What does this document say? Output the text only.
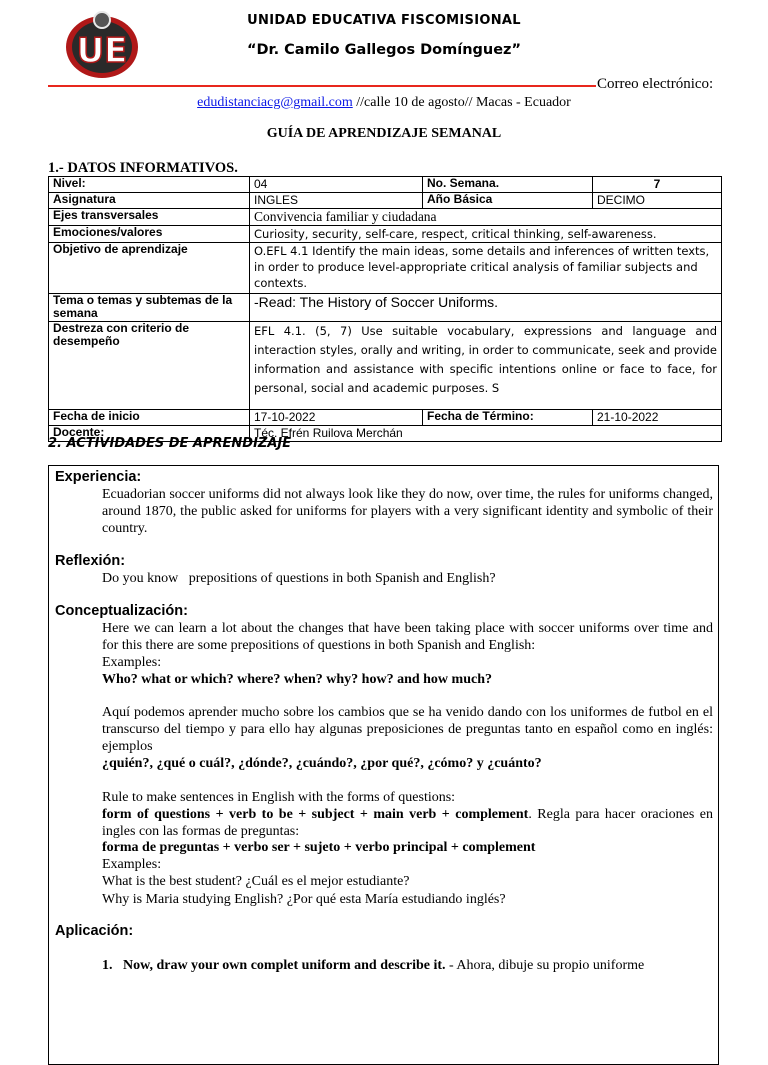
UE
UNIDAD EDUCATIVA FISCOMISIONAL
“Dr. Camilo Gallegos Domínguez”
Correo electrónico:
edudistanciacg@gmail.com //calle 10 de agosto// Macas - Ecuador
GUÍA DE APRENDIZAJE SEMANAL
1.- DATOS INFORMATIVOS.
Nivel:	04	No. Semana.	7
Asignatura	INGLES	Año Básica	DECIMO
Ejes transversales	Convivencia familiar y ciudadana		
Emociones/valores	Curiosity, security, self-care, respect, critical thinking, self-awareness.		
Objetivo de aprendizaje	O.EFL 4.1 Identify the main ideas, some details and inferences of written texts, in order to produce level-appropriate critical analysis of familiar subjects and contexts.		
Tema o temas y subtemas de la semana	-Read: The History of Soccer Uniforms.		
Destreza con criterio de desempeño	EFL 4.1. (5, 7) Use suitable vocabulary, expressions and language and interaction styles, orally and writing, in order to communicate, seek and provide information and assistance with specific intentions online or face to face, for personal, social and academic purposes. S		
Fecha de inicio	17-10-2022	Fecha de Término:	21-10-2022
Docente:	Téc. Efrén Ruilova Merchán		
2. ACTIVIDADES DE APRENDIZAJE
Experiencia:
Ecuadorian soccer uniforms did not always look like they do now, over time, the rules for uniforms changed, around 1870, the public asked for uniforms for players with a very significant identity and symbolic of their country.
Reflexión:
Do you know   prepositions of questions in both Spanish and English?
Conceptualización:
Here we can learn a lot about the changes that have been taking place with soccer uniforms over time and for this there are some prepositions of questions in both Spanish and English:
Examples:
Who? what or which? where? when? why? how? and how much?
Aquí podemos aprender mucho sobre los cambios que se ha venido dando con los uniformes de futbol en el transcurso del tiempo y para ello hay algunas preposiciones de preguntas tanto en español como en inglés: ejemplos
¿quién?, ¿qué o cuál?, ¿dónde?, ¿cuándo?, ¿por qué?, ¿cómo? y ¿cuánto?
Rule to make sentences in English with the forms of questions:
form of questions + verb to be + subject + main verb + complement. Regla para hacer oraciones en ingles con las formas de preguntas:
forma de preguntas + verbo ser + sujeto + verbo principal + complement
Examples:
What is the best student? ¿Cuál es el mejor estudiante?
Why is Maria studying English? ¿Por qué esta María estudiando inglés?
Aplicación:
1. Now, draw your own complet uniform and describe it. - Ahora, dibuje su propio uniforme
